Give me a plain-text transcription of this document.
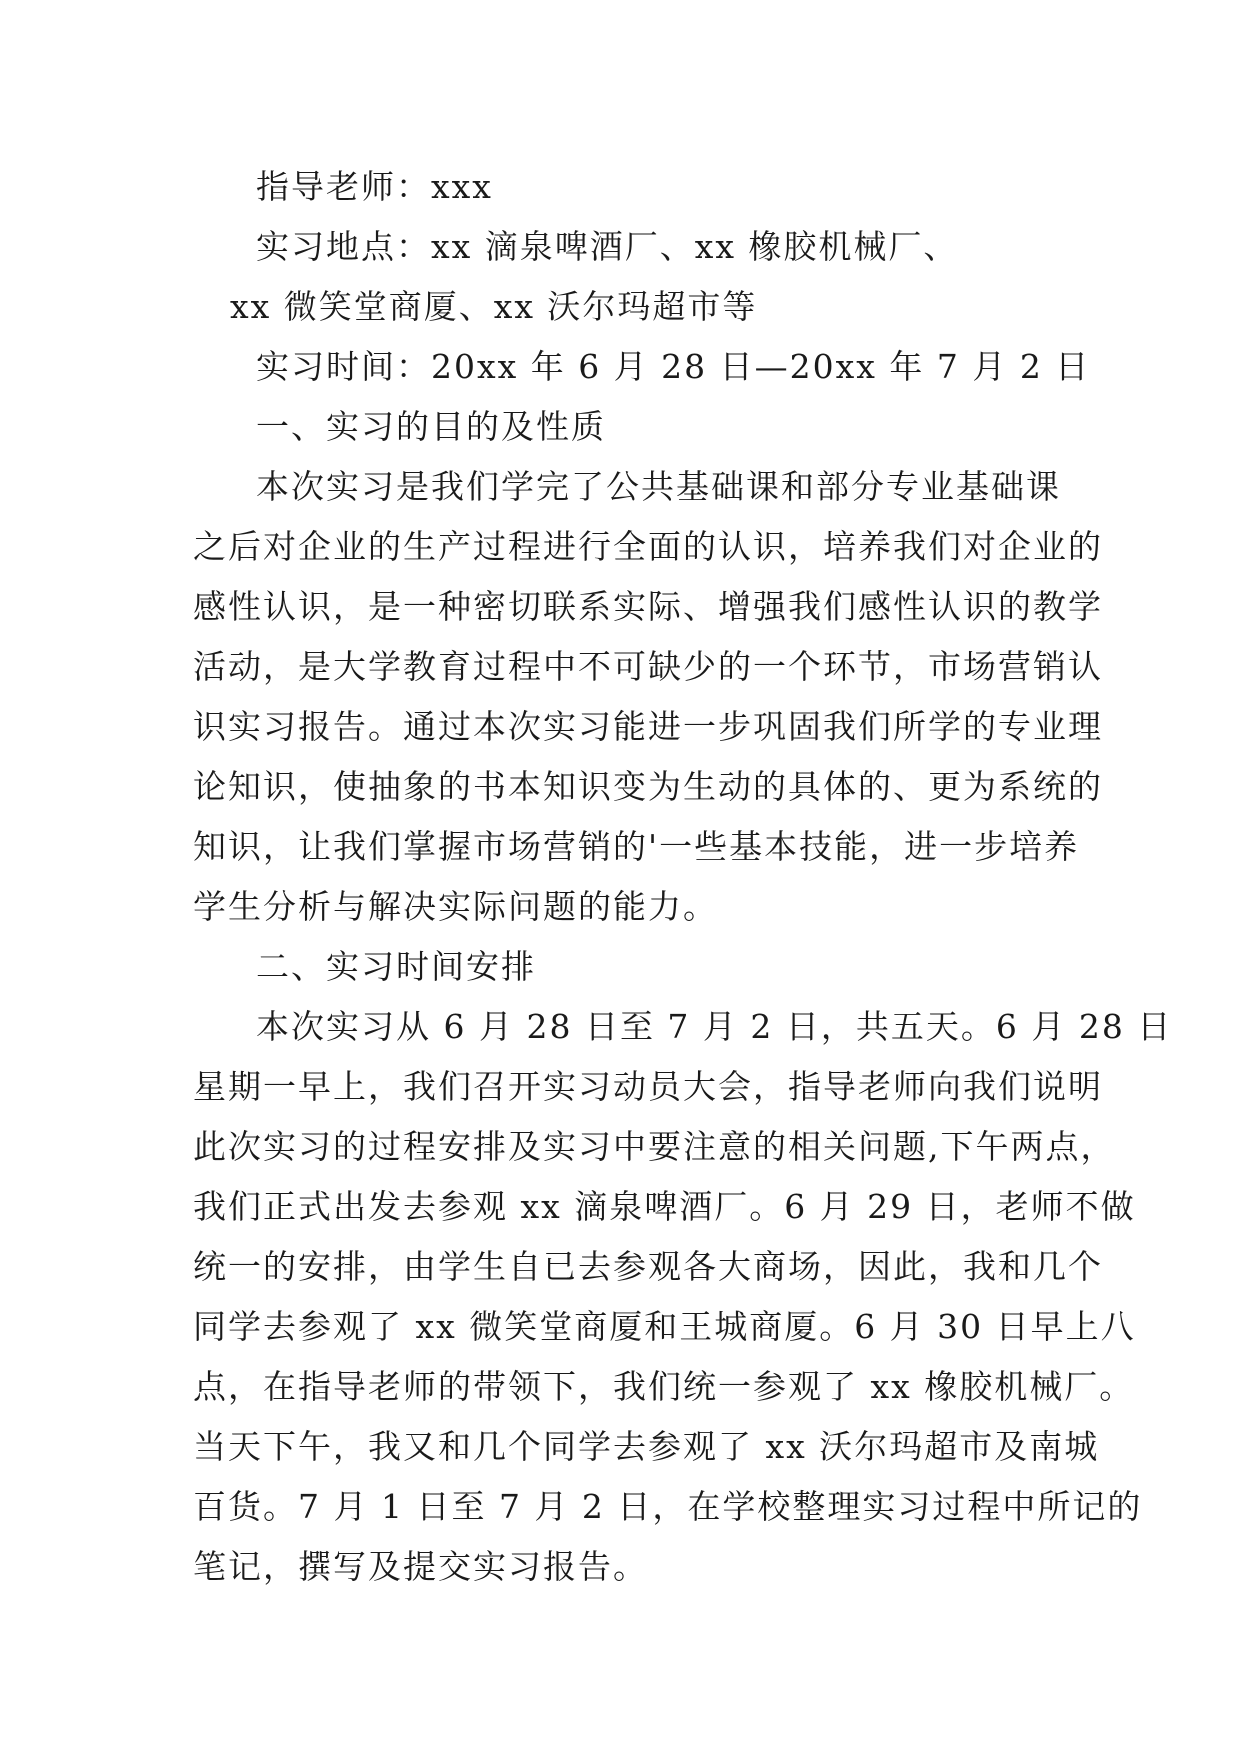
指导老师：xxx
实习地点：xx 滴泉啤酒厂、xx 橡胶机械厂、
xx 微笑堂商厦、xx 沃尔玛超市等
实习时间：20xx 年 6 月 28 日—20xx 年 7 月 2 日
一、实习的目的及性质
本次实习是我们学完了公共基础课和部分专业基础课
之后对企业的生产过程进行全面的认识，培养我们对企业的
感性认识，是一种密切联系实际、增强我们感性认识的教学
活动，是大学教育过程中不可缺少的一个环节，市场营销认
识实习报告。通过本次实习能进一步巩固我们所学的专业理
论知识，使抽象的书本知识变为生动的具体的、更为系统的
知识，让我们掌握市场营销的'一些基本技能，进一步培养
学生分析与解决实际问题的能力。
二、实习时间安排
本次实习从 6 月 28 日至 7 月 2 日，共五天。6 月 28 日
星期一早上，我们召开实习动员大会，指导老师向我们说明
此次实习的过程安排及实习中要注意的相关问题,下午两点，
我们正式出发去参观 xx 滴泉啤酒厂。6 月 29 日，老师不做
统一的安排，由学生自已去参观各大商场，因此，我和几个
同学去参观了 xx 微笑堂商厦和王城商厦。6 月 30 日早上八
点，在指导老师的带领下，我们统一参观了 xx 橡胶机械厂。
当天下午，我又和几个同学去参观了 xx 沃尔玛超市及南城
百货。7 月 1 日至 7 月 2 日，在学校整理实习过程中所记的
笔记，撰写及提交实习报告。
